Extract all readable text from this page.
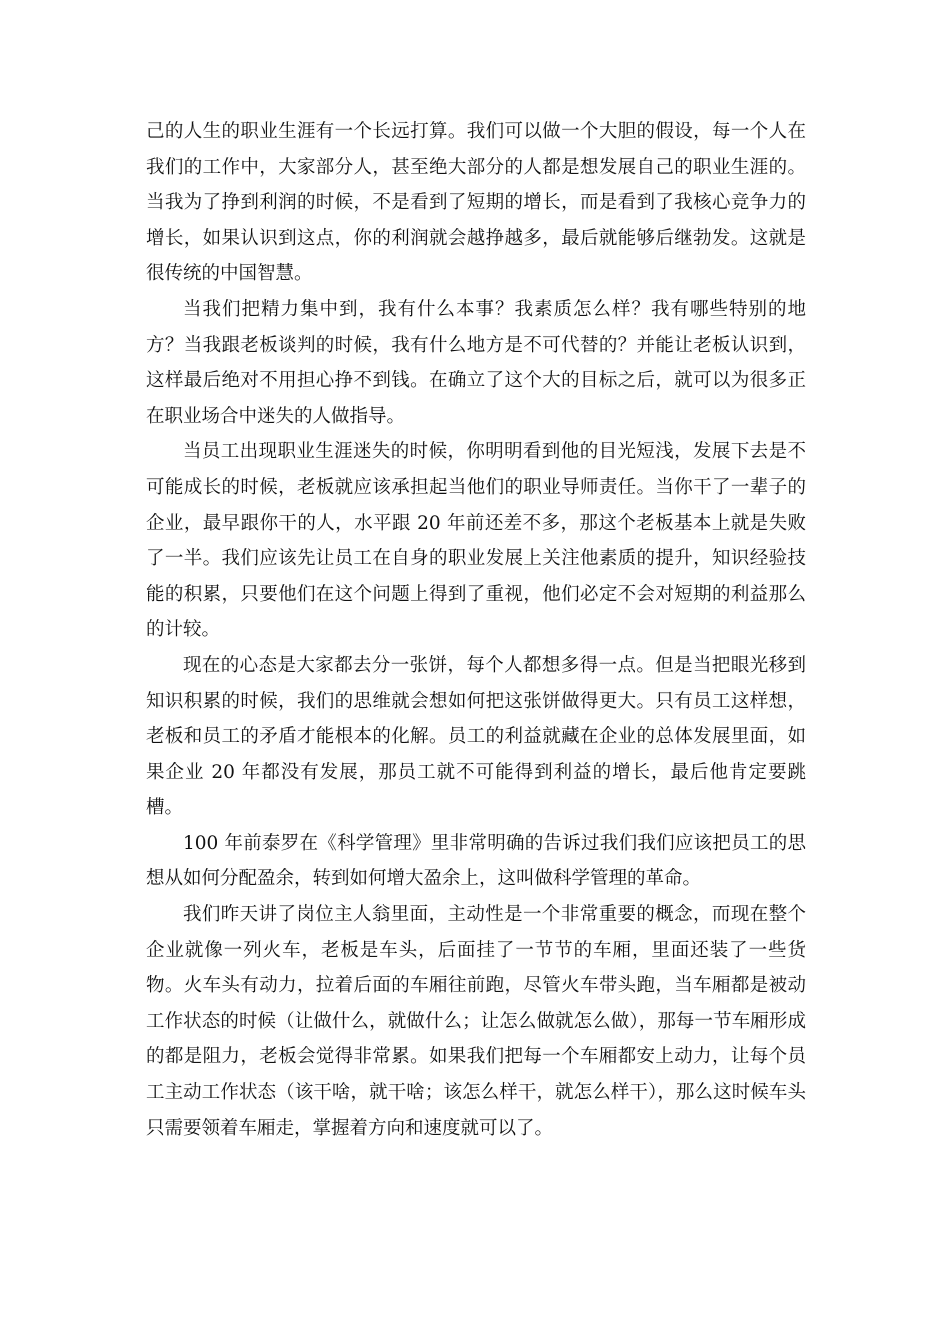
己的人生的职业生涯有一个长远打算。我们可以做一个大胆的假设，每一个人在我们的工作中，大家部分人，甚至绝大部分的人都是想发展自己的职业生涯的。当我为了挣到利润的时候，不是看到了短期的增长，而是看到了我核心竞争力的增长，如果认识到这点，你的利润就会越挣越多，最后就能够后继勃发。这就是很传统的中国智慧。

当我们把精力集中到，我有什么本事？我素质怎么样？我有哪些特别的地方？当我跟老板谈判的时候，我有什么地方是不可代替的？并能让老板认识到，这样最后绝对不用担心挣不到钱。在确立了这个大的目标之后，就可以为很多正在职业场合中迷失的人做指导。

当员工出现职业生涯迷失的时候，你明明看到他的目光短浅，发展下去是不可能成长的时候，老板就应该承担起当他们的职业导师责任。当你干了一辈子的企业，最早跟你干的人，水平跟 20 年前还差不多，那这个老板基本上就是失败了一半。我们应该先让员工在自身的职业发展上关注他素质的提升，知识经验技能的积累，只要他们在这个问题上得到了重视，他们必定不会对短期的利益那么的计较。

现在的心态是大家都去分一张饼，每个人都想多得一点。但是当把眼光移到知识积累的时候，我们的思维就会想如何把这张饼做得更大。只有员工这样想，老板和员工的矛盾才能根本的化解。员工的利益就藏在企业的总体发展里面，如果企业 20 年都没有发展，那员工就不可能得到利益的增长，最后他肯定要跳槽。

100 年前泰罗在《科学管理》里非常明确的告诉过我们我们应该把员工的思想从如何分配盈余，转到如何增大盈余上，这叫做科学管理的革命。

我们昨天讲了岗位主人翁里面，主动性是一个非常重要的概念，而现在整个企业就像一列火车，老板是车头，后面挂了一节节的车厢，里面还装了一些货物。火车头有动力，拉着后面的车厢往前跑，尽管火车带头跑，当车厢都是被动工作状态的时候（让做什么，就做什么；让怎么做就怎么做），那每一节车厢形成的都是阻力，老板会觉得非常累。如果我们把每一个车厢都安上动力，让每个员工主动工作状态（该干啥，就干啥；该怎么样干，就怎么样干），那么这时候车头只需要领着车厢走，掌握着方向和速度就可以了。
